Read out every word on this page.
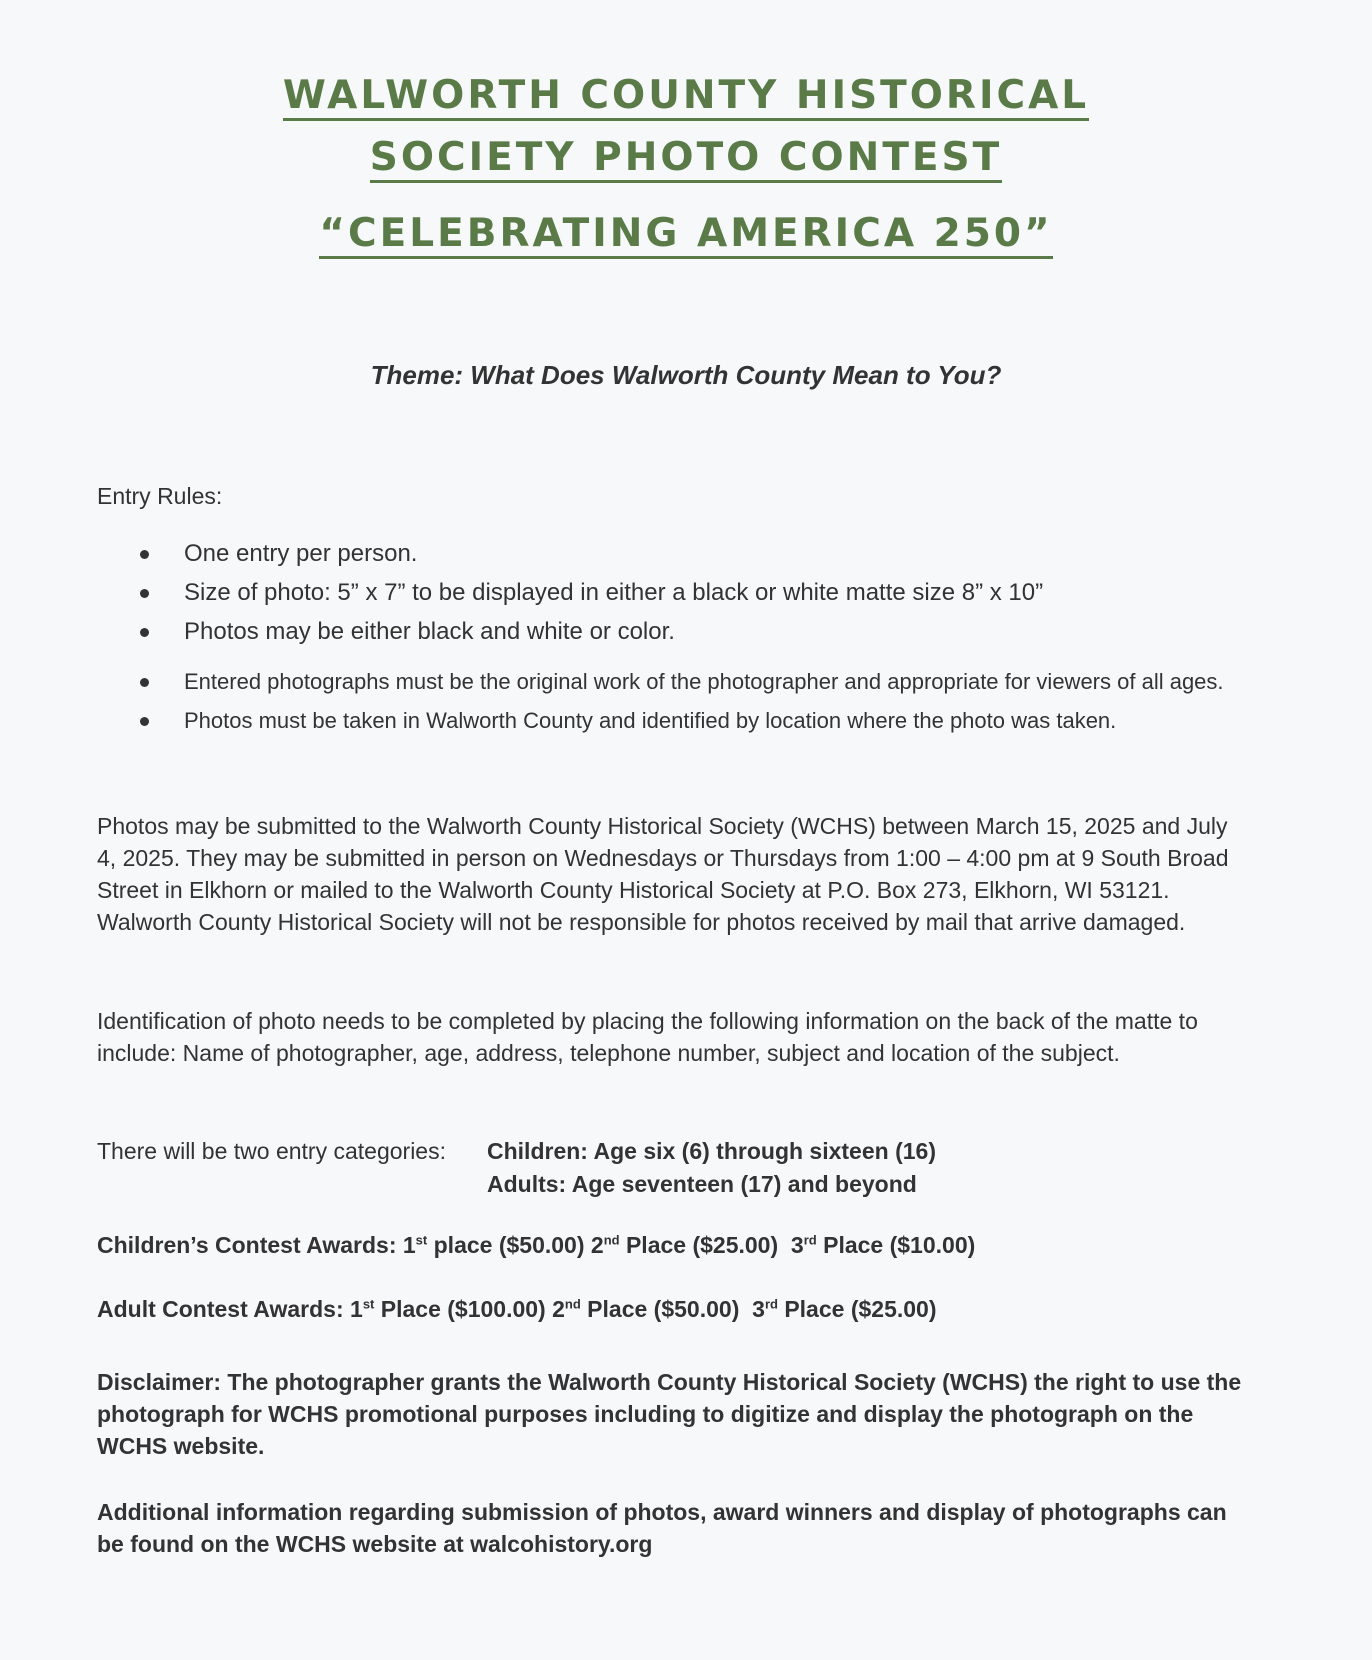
WALWORTH COUNTY HISTORICAL
SOCIETY PHOTO CONTEST
“CELEBRATING AMERICA 250”
Theme: What Does Walworth County Mean to You?
Entry Rules:
One entry per person.
Size of photo: 5” x 7” to be displayed in either a black or white matte size 8” x 10”
Photos may be either black and white or color.
Entered photographs must be the original work of the photographer and appropriate for viewers of all ages.
Photos must be taken in Walworth County and identified by location where the photo was taken.
Photos may be submitted to the Walworth County Historical Society (WCHS) between March 15, 2025 and July 4, 2025. They may be submitted in person on Wednesdays or Thursdays from 1:00 – 4:00 pm at 9 South Broad Street in Elkhorn or mailed to the Walworth County Historical Society at P.O. Box 273, Elkhorn, WI 53121. Walworth County Historical Society will not be responsible for photos received by mail that arrive damaged.
Identification of photo needs to be completed by placing the following information on the back of the matte to include: Name of photographer, age, address, telephone number, subject and location of the subject.
There will be two entry categories: Children: Age six (6) through sixteen (16)
Adults: Age seventeen (17) and beyond
Children’s Contest Awards: 1st place ($50.00) 2nd Place ($25.00) 3rd Place ($10.00)
Adult Contest Awards: 1st Place ($100.00) 2nd Place ($50.00) 3rd Place ($25.00)
Disclaimer: The photographer grants the Walworth County Historical Society (WCHS) the right to use the photograph for WCHS promotional purposes including to digitize and display the photograph on the WCHS website.
Additional information regarding submission of photos, award winners and display of photographs can be found on the WCHS website at walcohistory.org
